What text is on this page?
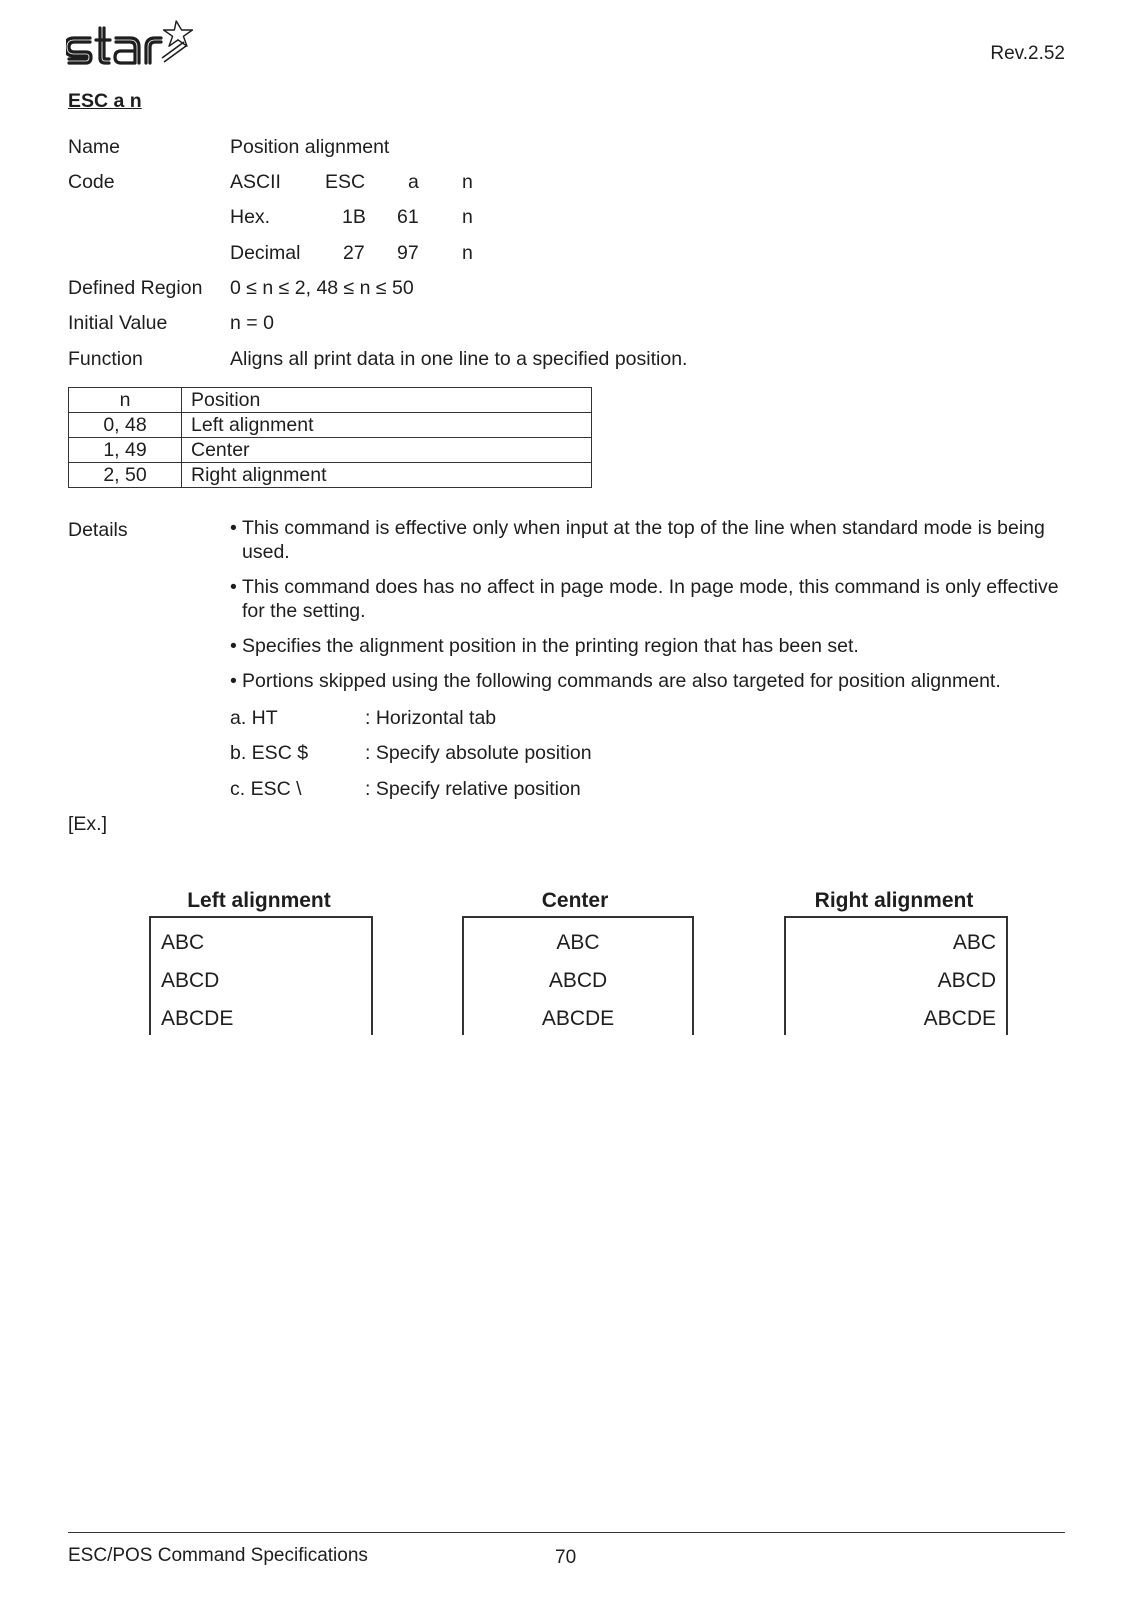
Rev.2.52
ESC a n
Name	Position alignment
Code	ASCII ESC a n
Hex.	1B 61 n
Decimal 27 97 n
Defined Region 0 ≤ n ≤ 2, 48 ≤ n ≤ 50
Initial Value	n = 0
Function	Aligns all print data in one line to a specified position.
n	Position
0, 48	Left alignment
1, 49	Center
2, 50	Right alignment
Details	• This command is effective only when input at the top of the line when standard mode is being used.
• This command does has no affect in page mode. In page mode, this command is only effective for the setting.
• Specifies the alignment position in the printing region that has been set.
• Portions skipped using the following commands are also targeted for position alignment.
a. HT	: Horizontal tab
b. ESC $	: Specify absolute position
c. ESC \	: Specify relative position
[Ex.]
Left alignment
ABC
ABCD
ABCDE
Center
ABC
ABCD
ABCDE
Right alignment
ABC
ABCD
ABCDE
ESC/POS Command Specifications	70
